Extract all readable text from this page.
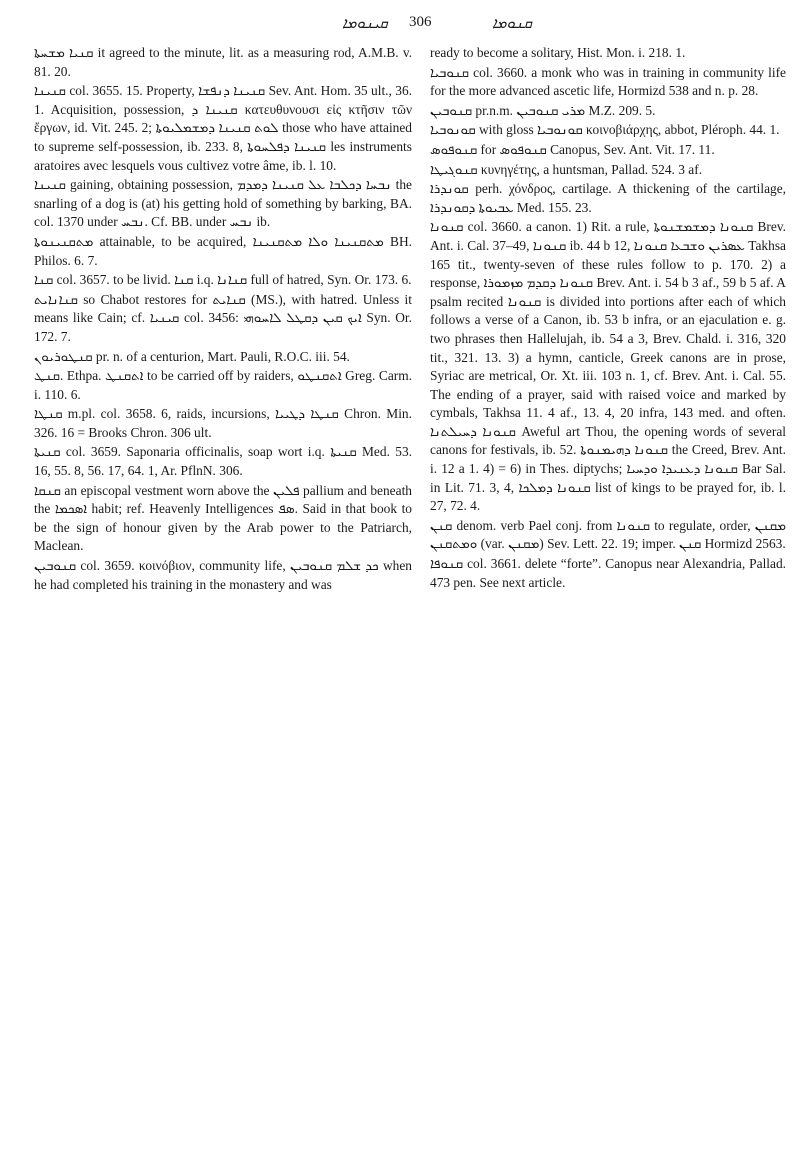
ܩܝܢܘܡܐ 306	ܩܢܘܡܐ

ܩܢܝܐ ܡܫܚܬܐ it agreed to the minute, lit. as a measuring rod, A.M.B. v. 81. 20.

ܩܢܝܢܐ col. 3655. 15. Property, ܩܢܝܢܐ ܕܢܦܫܐ Sev. Ant. Hom. 35 ult., 36. 1. Acquisition, possession, ܩܢܝܢܐ ܕ κατευθυνουσι εἰς κτῆσιν τῶν ἔργων, id. Vit. 245. 2; ܠܘܬ ܩܢܝܢܐ ܕܡܫܡܠܝܘܬܐ those who have attained to supreme self-possession, ib. 233. 8, ܩܢܝܢܐ ܕܦܠܚܘܬܐ les instruments aratoires avec lesquels vous cultivez votre âme, ib. l. 10.

ܩܢܝܢܐ gaining, obtaining possession, ܢܒܚܐ ܕܟܠܒܐ ܥܠ ܩܢܝܢܐ ܕܡܕܡ the snarling of a dog is (at) his getting hold of something by barking, BA. col. 1370 under ܢܒܚ. Cf. BB. under ܢܒܚ ib.

ܡܬܩܢܝܢܘܬܐ attainable, to be acquired, ܡܬܩܢܝܢܐ ܘܠܐ ܡܬܩܢܝܢܐ BH. Philos. 6. 7.

ܩܢܐ col. 3657. to be livid. ܩܢܐ i.q. ܩܢܐܢܐ full of hatred, Syn. Or. 173. 6.

ܩܢܐܢܐܝܬ so Chabot restores for ܩܢܐܝܬ (MS.), with hatred. Unless it means like Cain; cf. ܩܝܢܝܐ col. 3456: ܐܝܟ ܩܝܢ ܕܩܛܠ ܠܐܚܘܗܝ Syn. Or. 172. 7.

ܩܢܛܘܪܝܘܢ pr. n. of a centurion, Mart. Pauli, R.O.C. iii. 54.

ܩܢܛ. Ethpa. ܐܬܩܢܛ to be carried off by raiders, ܐܬܩܢܛܘ Greg. Carm. i. 110. 6.

ܩܢܛܐ m.pl. col. 3658. 6, raids, incursions, ܩܢܛܐ ܕܛܝܝܐ Chron. Min. 326. 16 = Brooks Chron. 306 ult.

ܩܢܝܬܐ col. 3659. Saponaria officinalis, soap wort i.q. ܩܢܝܬܐ Med. 53. 16, 55. 8, 56. 17, 64. 1, Ar. PflnN. 306.

ܩܢܩܐ an episcopal vestment worn above the ܦܠܝܢ pallium and beneath the ܐܣܟܡܐ habit; ref. Heavenly Intelligences ܣܦ. Said in that book to be the sign of honour given by the Arab power to the Patriarch, Maclean.

ܩܢܘܒܝܢ col. 3659. κοινόβιον, community life, ܟܕ ܫܠܡ ܩܢܘܒܝܢ when he had completed his training in the monastery and was

ready to become a solitary, Hist. Mon. i. 218. 1.

ܩܢܘܒܝܐ col. 3660. a monk who was in training in community life for the more advanced ascetic life, Hormizd 538 and n. p. 28.

ܩܢܘܒܝܢ pr.n.m. ܡܪܝ ܩܢܘܒܝܢ M.Z. 209. 5.

ܩܘܢܘܒܝܐ with gloss ܩܘܢܘܒܝܐ κοινοβιάρχης, abbot, Pléroph. 44. 1.

ܩܢܘܦܘܣ for ܩܢܘܦܘܣ Canopus, Sev. Ant. Vit. 17. 11.

ܩܢܘܓܝܛܐ κυνηγέτης, a huntsman, Pallad. 524. 3 af.

ܩܘܢܕܪܐ perh. χόνδρος, cartilage. A thickening of the cartilage, ܥܒܝܘܬܐ ܕܩܘܢܕܪܐ Med. 155. 23.

ܩܢܘܢܐ col. 3660. a canon. 1) Rit. a rule, ܩܢܘܢܐ ܕܡܫܡܫܢܘܬܐ Brev. Ant. i. Cal. 37–49, ܩܢܘܢܐ ib. 44 b 12, ܥܣܪܝܢ ܘܫܒܥܐ ܩܢܘܢܐ Takhsa 165 tit., twenty-seven of these rules follow to p. 170. 2) a response, ܩܢܘܢܐ ܕܩܕܡ ܡܙܡܘܪܐ Brev. Ant. i. 54 b 3 af., 59 b 5 af. A psalm recited ܩܢܘܢܐ is divided into portions after each of which follows a verse of a Canon, ib. 53 b infra, or an ejaculation e. g. two phrases then Hallelujah, ib. 54 a 3, Brev. Chald. i. 316, 320 tit., 321. 13. 3) a hymn, canticle, Greek canons are in prose, Syriac are metrical, Or. Xt. iii. 103 n. 1, cf. Brev. Ant. i. Cal. 55. The ending of a prayer, said with raised voice and marked by cymbals, Takhsa 11. 4 af., 13. 4, 20 infra, 143 med. and often. ܩܢܘܢܐ ܕܚܝܠܬܢܐ Aweful art Thou, the opening words of several canons for festivals, ib. 52. ܩܢܘܢܐ ܕܗܝܡܢܘܬܐ the Creed, Brev. Ant. i. 12 a 1. 4) = 6) in Thes. diptychs; ܩܢܘܢܐ ܕܥܢܝܕܐ ܘܕܚܝܐ Bar Sal. in Lit. 71. 3, 4, ܩܢܘܢܐ ܕܡܠܟܐ list of kings to be prayed for, ib. l. 27, 72. 4.

ܩܢܢ denom. verb Pael conj. from ܩܢܘܢܐ to regulate, order, ܡܩܢܢ ܘܡܬܩܢܢ (var. ܡܩܢܢ) Sev. Lett. 22. 19; imper. ܩܢܢ Hormizd 2563.

ܩܢܘܦܐ col. 3661. delete “forte”. Canopus near Alexandria, Pallad. 473 pen. See next article.
